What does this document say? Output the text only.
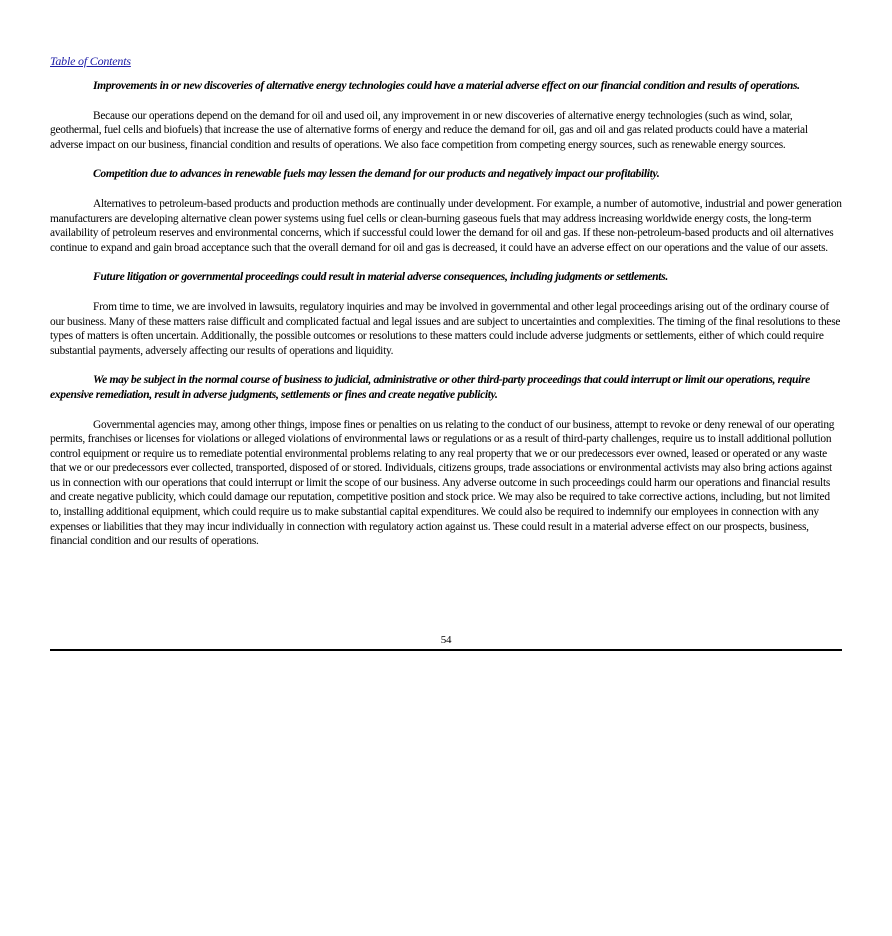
Table of Contents

Improvements in or new discoveries of alternative energy technologies could have a material adverse effect on our financial condition and results of operations.

Because our operations depend on the demand for oil and used oil, any improvement in or new discoveries of alternative energy technologies (such as wind, solar, geothermal, fuel cells and biofuels) that increase the use of alternative forms of energy and reduce the demand for oil, gas and oil and gas related products could have a material adverse impact on our business, financial condition and results of operations. We also face competition from competing energy sources, such as renewable energy sources.

Competition due to advances in renewable fuels may lessen the demand for our products and negatively impact our profitability.

Alternatives to petroleum-based products and production methods are continually under development. For example, a number of automotive, industrial and power generation manufacturers are developing alternative clean power systems using fuel cells or clean-burning gaseous fuels that may address increasing worldwide energy costs, the long-term availability of petroleum reserves and environmental concerns, which if successful could lower the demand for oil and gas. If these non-petroleum-based products and oil alternatives continue to expand and gain broad acceptance such that the overall demand for oil and gas is decreased, it could have an adverse effect on our operations and the value of our assets.

Future litigation or governmental proceedings could result in material adverse consequences, including judgments or settlements.

From time to time, we are involved in lawsuits, regulatory inquiries and may be involved in governmental and other legal proceedings arising out of the ordinary course of our business. Many of these matters raise difficult and complicated factual and legal issues and are subject to uncertainties and complexities. The timing of the final resolutions to these types of matters is often uncertain. Additionally, the possible outcomes or resolutions to these matters could include adverse judgments or settlements, either of which could require substantial payments, adversely affecting our results of operations and liquidity.

We may be subject in the normal course of business to judicial, administrative or other third-party proceedings that could interrupt or limit our operations, require expensive remediation, result in adverse judgments, settlements or fines and create negative publicity.

Governmental agencies may, among other things, impose fines or penalties on us relating to the conduct of our business, attempt to revoke or deny renewal of our operating permits, franchises or licenses for violations or alleged violations of environmental laws or regulations or as a result of third-party challenges, require us to install additional pollution control equipment or require us to remediate potential environmental problems relating to any real property that we or our predecessors ever owned, leased or operated or any waste that we or our predecessors ever collected, transported, disposed of or stored. Individuals, citizens groups, trade associations or environmental activists may also bring actions against us in connection with our operations that could interrupt or limit the scope of our business. Any adverse outcome in such proceedings could harm our operations and financial results and create negative publicity, which could damage our reputation, competitive position and stock price. We may also be required to take corrective actions, including, but not limited to, installing additional equipment, which could require us to make substantial capital expenditures. We could also be required to indemnify our employees in connection with any expenses or liabilities that they may incur individually in connection with regulatory action against us. These could result in a material adverse effect on our prospects, business, financial condition and our results of operations.

54
